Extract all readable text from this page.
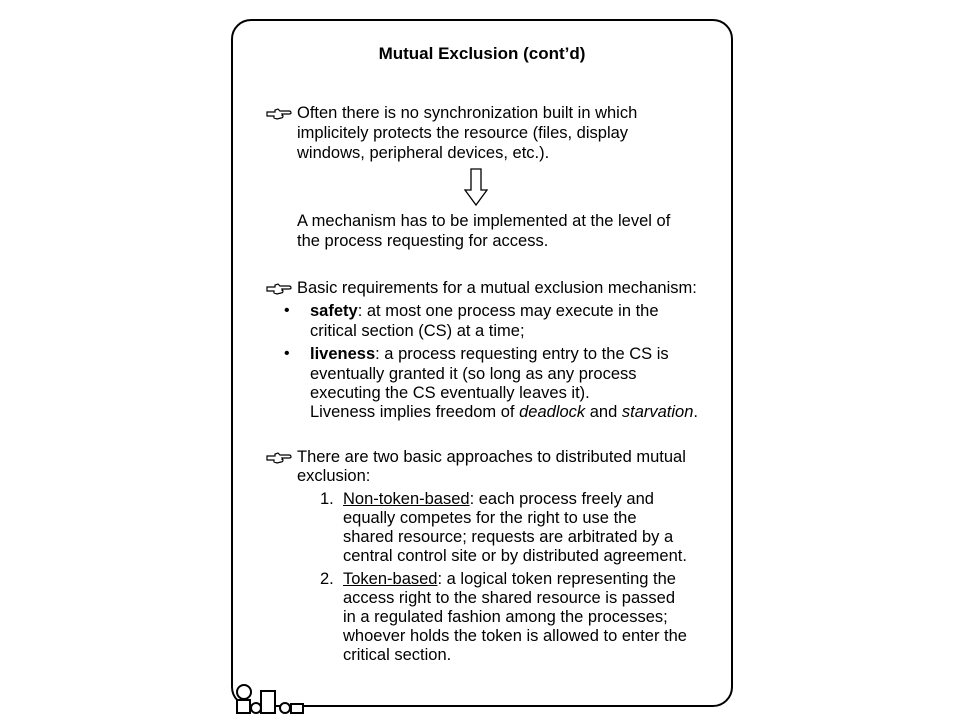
Mutual Exclusion (cont’d)
Often there is no synchronization built in which
implicitely protects the resource (files, display
windows, peripheral devices, etc.).
A mechanism has to be implemented at the level of
the process requesting for access.
Basic requirements for a mutual exclusion mechanism:
• safety: at most one process may execute in the
critical section (CS) at a time;
• liveness: a process requesting entry to the CS is
eventually granted it (so long as any process
executing the CS eventually leaves it).
Liveness implies freedom of deadlock and starvation.
There are two basic approaches to distributed mutual
exclusion:
1. Non-token-based: each process freely and
equally competes for the right to use the
shared resource; requests are arbitrated by a
central control site or by distributed agreement.
2. Token-based: a logical token representing the
access right to the shared resource is passed
in a regulated fashion among the processes;
whoever holds the token is allowed to enter the
critical section.
